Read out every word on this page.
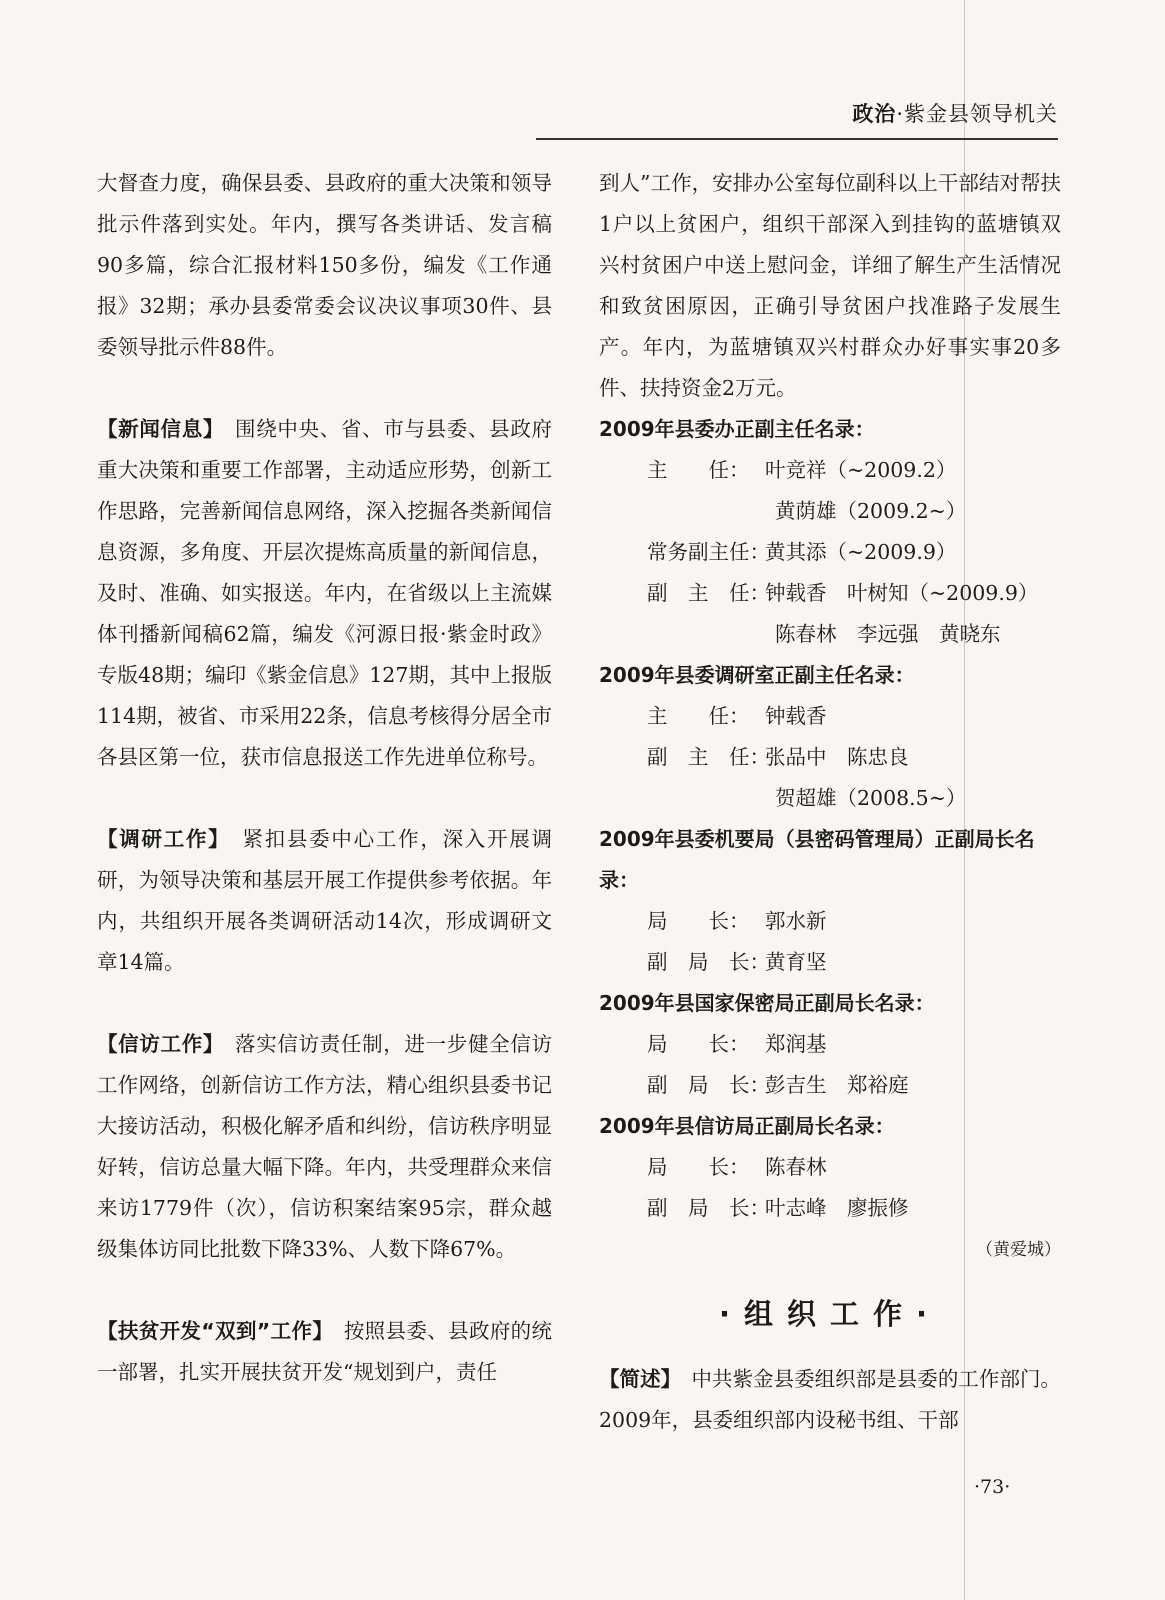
政治·紫金县领导机关

大督查力度，确保县委、县政府的重大决策和领导批示件落到实处。年内，撰写各类讲话、发言稿90多篇，综合汇报材料150多份，编发《工作通报》32期；承办县委常委会议决议事项30件、县委领导批示件88件。

【新闻信息】　 围绕中央、省、市与县委、县政府重大决策和重要工作部署，主动适应形势，创新工作思路，完善新闻信息网络，深入挖掘各类新闻信息资源，多角度、开层次提炼高质量的新闻信息，及时、准确、如实报送。年内，在省级以上主流媒体刊播新闻稿62篇，编发《河源日报·紫金时政》专版48期；编印《紫金信息》127期，其中上报版114期，被省、市采用22条，信息考核得分居全市各县区第一位，获市信息报送工作先进单位称号。

【调研工作】　 紧扣县委中心工作，深入开展调研，为领导决策和基层开展工作提供参考依据。年内，共组织开展各类调研活动14次，形成调研文章14篇。

【信访工作】　 落实信访责任制，进一步健全信访工作网络，创新信访工作方法，精心组织县委书记大接访活动，积极化解矛盾和纠纷，信访秩序明显好转，信访总量大幅下降。年内，共受理群众来信来访1779件（次），信访积案结案95宗，群众越级集体访同比批数下降33%、人数下降67%。

【扶贫开发“双到”工作】　 按照县委、县政府的统一部署，扎实开展扶贫开发“规划到户，责任

到人”工作，安排办公室每位副科以上干部结对帮扶1户以上贫困户，组织干部深入到挂钩的蓝塘镇双兴村贫困户中送上慰问金，详细了解生产生活情况和致贫困原因，正确引导贫困户找准路子发展生产。年内，为蓝塘镇双兴村群众办好事实事20多件、扶持资金2万元。

2009年县委办正副主任名录：

主　　任： 叶竞祥（~2009.2）

黄荫雄（2009.2~）

常务副主任：
黄其添（~2009.9）
副　主　任：
钟载香　叶树知（~2009.9）

陈春林　李远强　黄晓东

2009年县委调研室正副主任名录：

主　　任： 钟载香
副　主　任：
张品中　陈忠良

贺超雄（2008.5~）

2009年县委机要局（县密码管理局）正副局长名录：

局　　长： 郭水新
副　局　长：
黄育坚

2009年县国家保密局正副局长名录：

局　　长： 郑润基
副　局　长：
彭吉生　郑裕庭

2009年县信访局正副局长名录：

局　　长： 陈春林
副　局　长：
叶志峰　廖振修

（黄爱城）

·组织工作·

【简述】　 中共紫金县委组织部是县委的工作部门。2009年，县委组织部内设秘书组、干部

·73·
